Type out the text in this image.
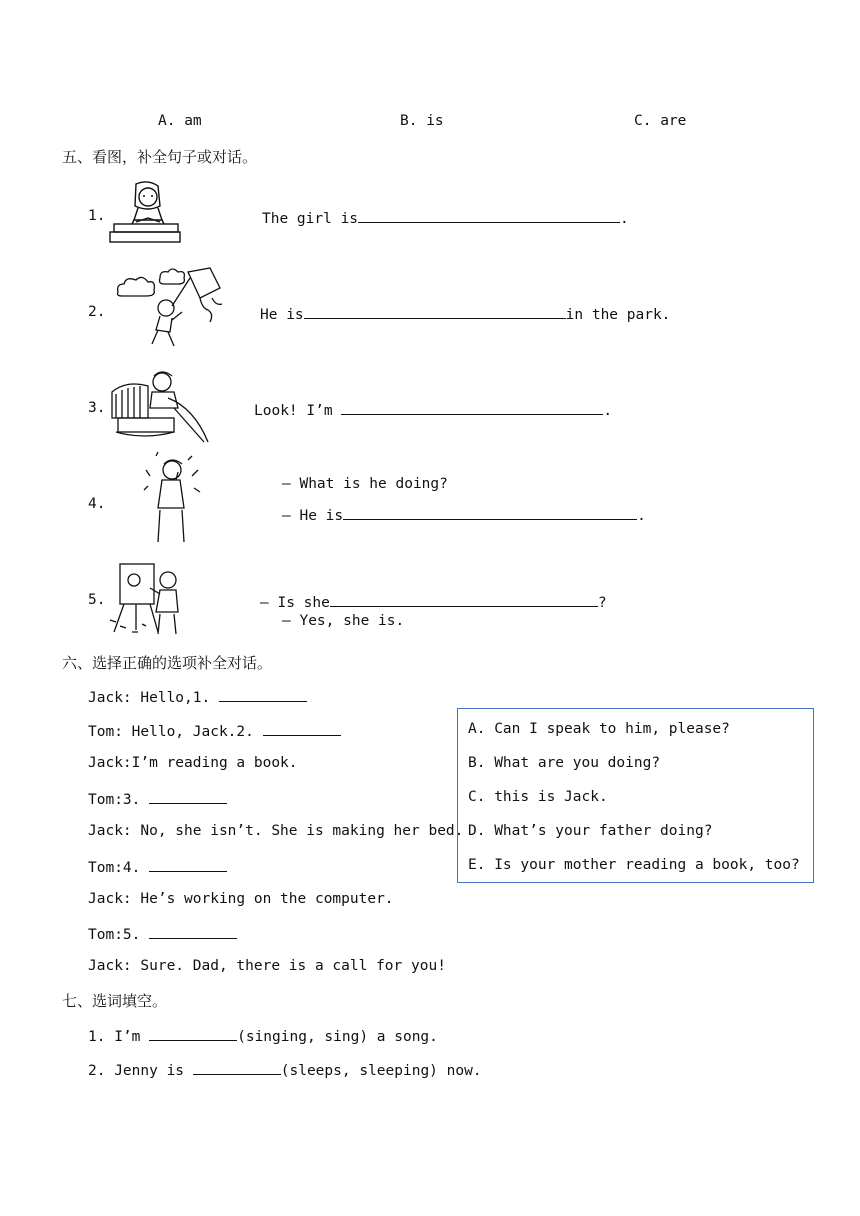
A. am	B. is	C. are
五、看图，补全句子或对话。
1.	The girl is	.
2.	He is	in the park.
3.	Look! I’m	.
4.
— What is he doing?
— He is	.
5.	— Is she	?
— Yes, she is.
六、选择正确的选项补全对话。
Jack: Hello,1.
Tom: Hello, Jack.2.
Jack:I’m reading a book.
Tom:3.
Jack: No, she isn’t. She is making her bed.
Tom:4.
Jack: He’s working on the computer.
Tom:5.
Jack: Sure. Dad, there is a call for you!
A. Can I speak to him, please?
B. What are you doing?
C. this is Jack.
D. What’s your father doing?
E. Is your mother reading a book, too?
七、选词填空。
1. I’m	(singing, sing) a song.
2. Jenny is	(sleeps, sleeping) now.
